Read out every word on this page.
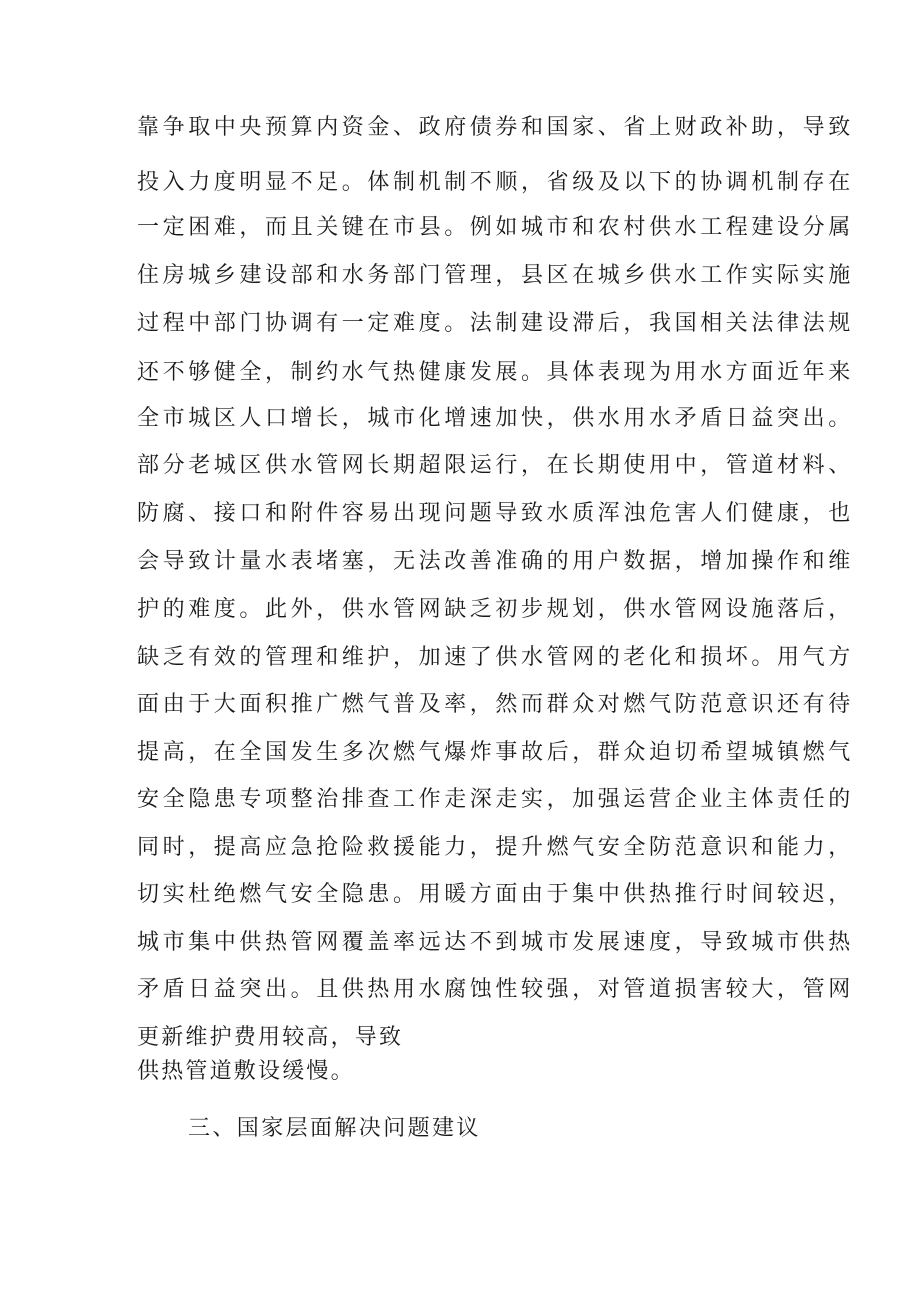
靠争取中央预算内资金、政府债券和国家、省上财政补助，导致

投入力度明显不足。体制机制不顺，省级及以下的协调机制存在

一定困难，而且关键在市县。例如城市和农村供水工程建设分属

住房城乡建设部和水务部门管理，县区在城乡供水工作实际实施

过程中部门协调有一定难度。法制建设滞后，我国相关法律法规

还不够健全，制约水气热健康发展。具体表现为用水方面近年来

全市城区人口增长，城市化增速加快，供水用水矛盾日益突出。

部分老城区供水管网长期超限运行，在长期使用中，管道材料、

防腐、接口和附件容易出现问题导致水质浑浊危害人们健康，也

会导致计量水表堵塞，无法改善准确的用户数据，增加操作和维

护的难度。此外，供水管网缺乏初步规划，供水管网设施落后，

缺乏有效的管理和维护，加速了供水管网的老化和损坏。用气方

面由于大面积推广燃气普及率，然而群众对燃气防范意识还有待

提高，在全国发生多次燃气爆炸事故后，群众迫切希望城镇燃气

安全隐患专项整治排查工作走深走实，加强运营企业主体责任的

同时，提高应急抢险救援能力，提升燃气安全防范意识和能力，

切实杜绝燃气安全隐患。用暖方面由于集中供热推行时间较迟，

城市集中供热管网覆盖率远达不到城市发展速度，导致城市供热

矛盾日益突出。且供热用水腐蚀性较强，对管道损害较大，管网

更新维护费用较高，导致

供热管道敷设缓慢。

三、国家层面解决问题建议
